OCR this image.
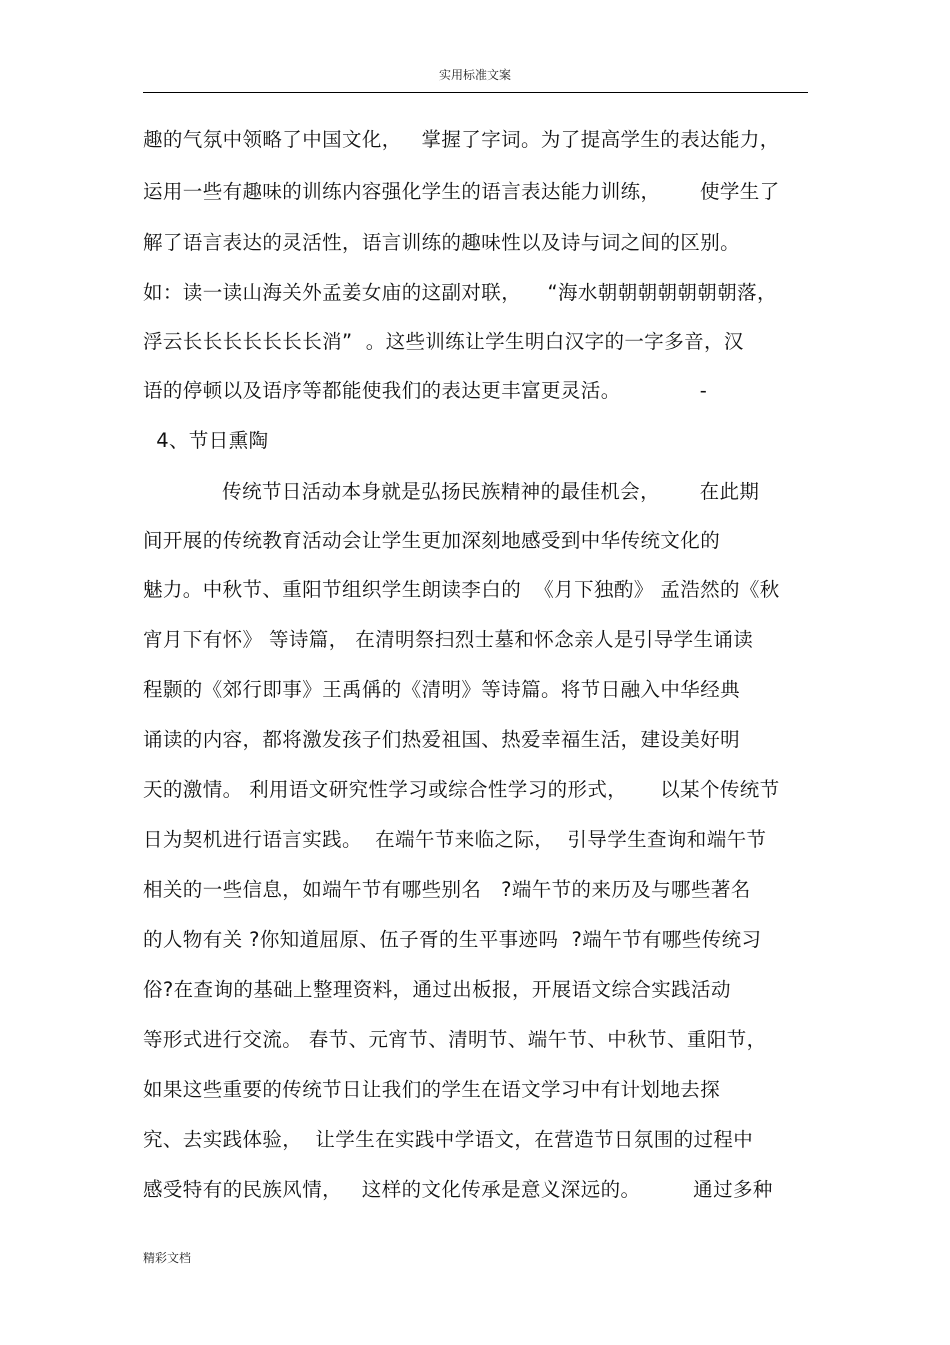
实用标准文案
趣的气氛中领略了中国文化，   掌握了字词。为了提高学生的表达能力，
运用一些有趣味的训练内容强化学生的语言表达能力训练，      使学生了
解了语言表达的灵活性，语言训练的趣味性以及诗与词之间的区别。
如：读一读山海关外孟姜女庙的这副对联，    “海水朝朝朝朝朝朝朝落，
浮云长长长长长长长消”  。这些训练让学生明白汉字的一字多音，汉
语的停顿以及语序等都能使我们的表达更丰富更灵活。            -
4、节日熏陶
传统节日活动本身就是弘扬民族精神的最佳机会，      在此期
间开展的传统教育活动会让学生更加深刻地感受到中华传统文化的
魅力。中秋节、重阳节组织学生朗读李白的  《月下独酌》 孟浩然的《秋
宵月下有怀》 等诗篇， 在清明祭扫烈士墓和怀念亲人是引导学生诵读
程颢的《郊行即事》王禹偁的《清明》等诗篇。将节日融入中华经典
诵读的内容，都将激发孩子们热爱祖国、热爱幸福生活，建设美好明
天的激情。 利用语文研究性学习或综合性学习的形式，     以某个传统节
日为契机进行语言实践。  在端午节来临之际，  引导学生查询和端午节
相关的一些信息，如端午节有哪些别名   ?端午节的来历及与哪些著名
的人物有关 ?你知道屈原、伍子胥的生平事迹吗  ?端午节有哪些传统习
俗?在查询的基础上整理资料，通过出板报，开展语文综合实践活动
等形式进行交流。 春节、元宵节、清明节、端午节、中秋节、重阳节，
如果这些重要的传统节日让我们的学生在语文学习中有计划地去探
究、去实践体验，  让学生在实践中学语文，在营造节日氛围的过程中
感受特有的民族风情，   这样的文化传承是意义深远的。        通过多种
精彩文档
